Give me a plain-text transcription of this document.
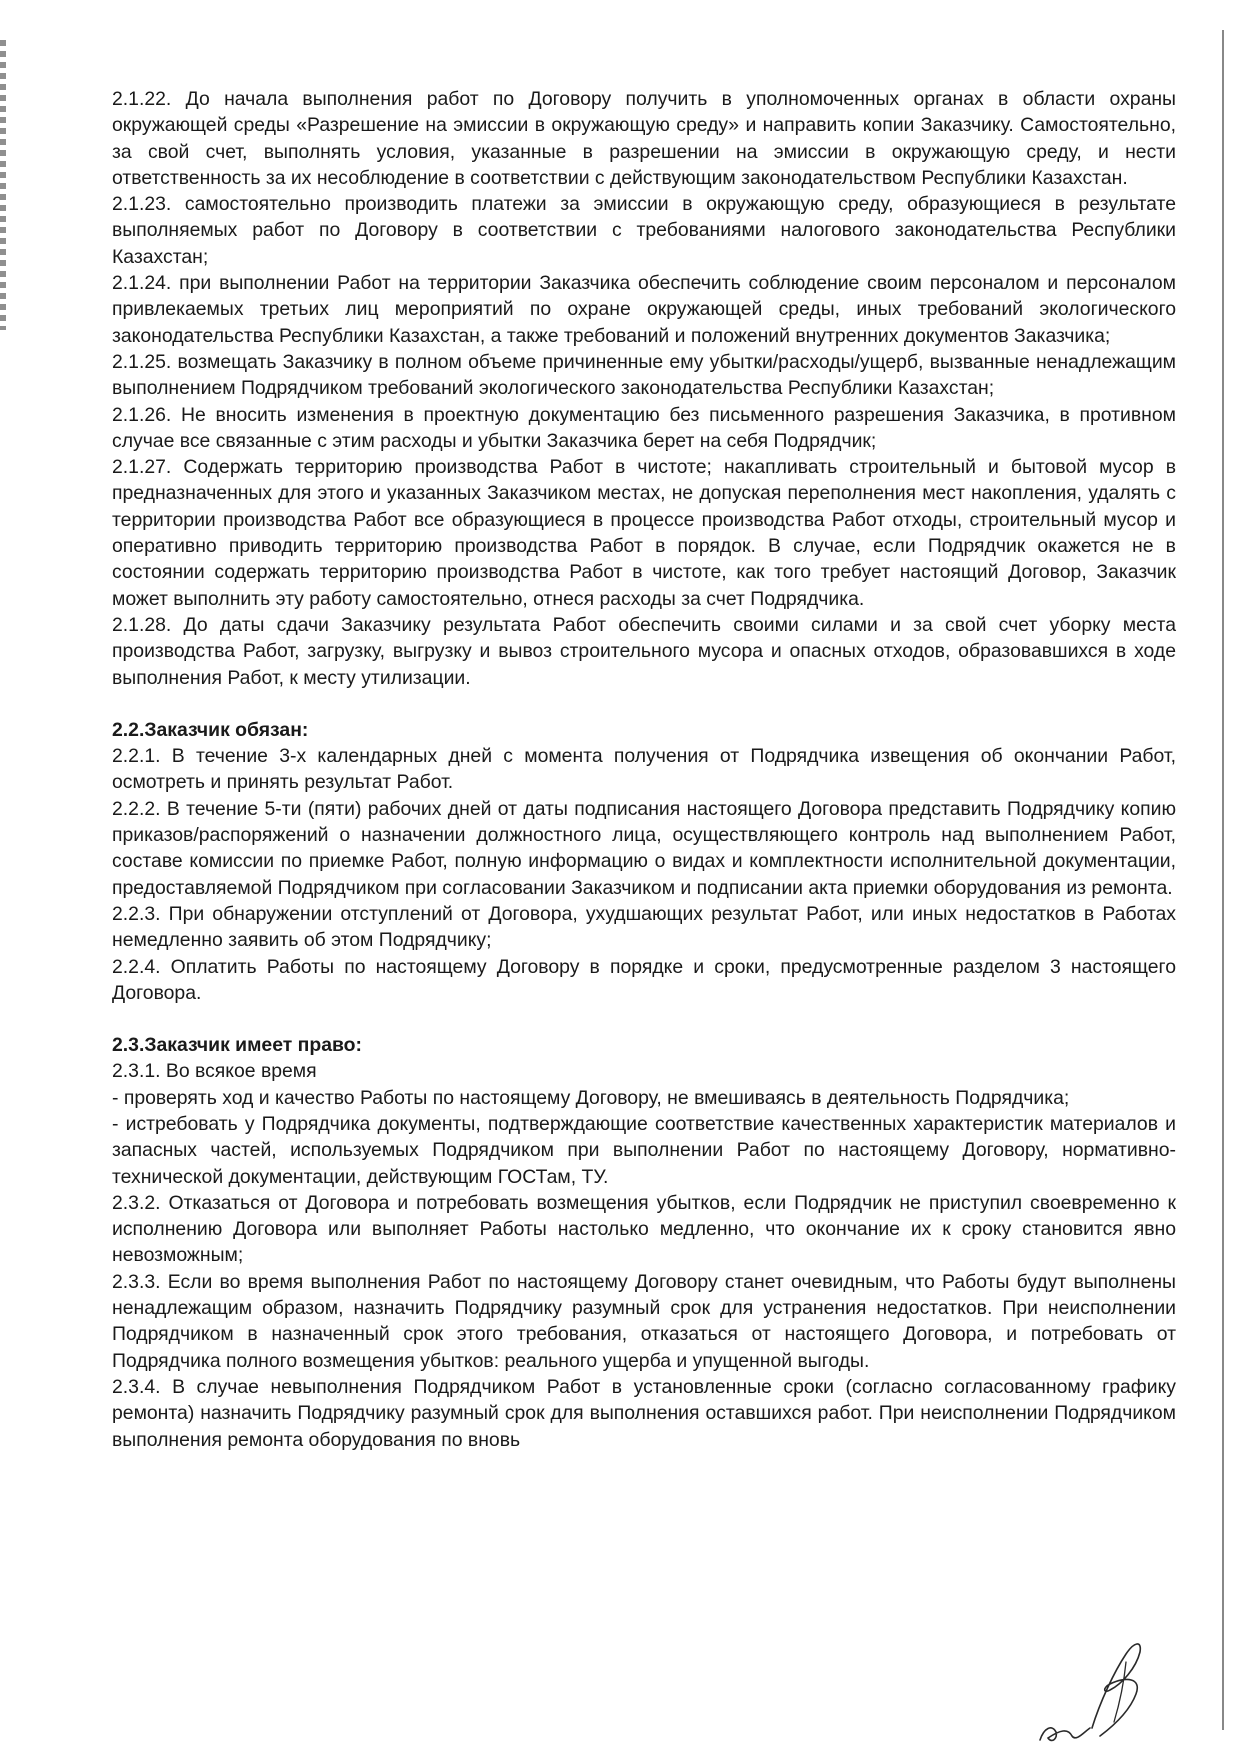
2.1.22. До начала выполнения работ по Договору получить в уполномоченных органах в области охраны окружающей среды «Разрешение на эмиссии в окружающую среду» и направить копии Заказчику. Самостоятельно, за свой счет, выполнять условия, указанные в разрешении на эмиссии в окружающую среду, и нести ответственность за их несоблюдение в соответствии с действующим законодательством Республики Казахстан.

2.1.23. самостоятельно производить платежи за эмиссии в окружающую среду, образующиеся в результате выполняемых работ по Договору в соответствии с требованиями налогового законодательства Республики Казахстан;

2.1.24. при выполнении Работ на территории Заказчика обеспечить соблюдение своим персоналом и персоналом привлекаемых третьих лиц мероприятий по охране окружающей среды, иных требований экологического законодательства Республики Казахстан, а также требований и положений внутренних документов Заказчика;

2.1.25. возмещать Заказчику в полном объеме причиненные ему убытки/расходы/ущерб, вызванные ненадлежащим выполнением Подрядчиком требований экологического законодательства Республики Казахстан;

2.1.26. Не вносить изменения в проектную документацию без письменного разрешения Заказчика, в противном случае все связанные с этим расходы и убытки Заказчика берет на себя Подрядчик;

2.1.27. Содержать территорию производства Работ в чистоте; накапливать строительный и бытовой мусор в предназначенных для этого и указанных Заказчиком местах, не допуская переполнения мест накопления, удалять с территории производства Работ все образующиеся в процессе производства Работ отходы, строительный мусор и оперативно приводить территорию производства Работ в порядок. В случае, если Подрядчик окажется не в состоянии содержать территорию производства Работ в чистоте, как того требует настоящий Договор, Заказчик может выполнить эту работу самостоятельно, отнеся расходы за счет Подрядчика.

2.1.28. До даты сдачи Заказчику результата Работ обеспечить своими силами и за свой счет уборку места производства Работ, загрузку, выгрузку и вывоз строительного мусора и опасных отходов, образовавшихся в ходе выполнения Работ, к месту утилизации.

2.2.Заказчик обязан:

2.2.1. В течение 3-х календарных дней с момента получения от Подрядчика извещения об окончании Работ, осмотреть и принять результат Работ.

2.2.2. В течение 5-ти (пяти) рабочих дней от даты подписания настоящего Договора представить Подрядчику копию приказов/распоряжений о назначении должностного лица, осуществляющего контроль над выполнением Работ, составе комиссии по приемке Работ, полную информацию о видах и комплектности исполнительной документации, предоставляемой Подрядчиком при согласовании Заказчиком и подписании акта приемки оборудования из ремонта.

2.2.3. При обнаружении отступлений от Договора, ухудшающих результат Работ, или иных недостатков в Работах немедленно заявить об этом Подрядчику;

2.2.4. Оплатить Работы по настоящему Договору в порядке и сроки, предусмотренные разделом 3 настоящего Договора.

2.3.Заказчик имеет право:

2.3.1. Во всякое время

- проверять ход и качество Работы по настоящему Договору, не вмешиваясь в деятельность Подрядчика;

- истребовать у Подрядчика документы, подтверждающие соответствие качественных характеристик материалов и запасных частей, используемых Подрядчиком при выполнении Работ по настоящему Договору, нормативно-технической документации, действующим ГОСТам, ТУ.

2.3.2. Отказаться от Договора и потребовать возмещения убытков, если Подрядчик не приступил своевременно к исполнению Договора или выполняет Работы настолько медленно, что окончание их к сроку становится явно невозможным;

2.3.3. Если во время выполнения Работ по настоящему Договору станет очевидным, что Работы будут выполнены ненадлежащим образом, назначить Подрядчику разумный срок для устранения недостатков. При неисполнении Подрядчиком в назначенный срок этого требования, отказаться от настоящего Договора, и потребовать от Подрядчика полного возмещения убытков: реального ущерба и упущенной выгоды.

2.3.4. В случае невыполнения Подрядчиком Работ в установленные сроки (согласно согласованному графику ремонта) назначить Подрядчику разумный срок для выполнения оставшихся работ. При неисполнении Подрядчиком выполнения ремонта оборудования по вновь
